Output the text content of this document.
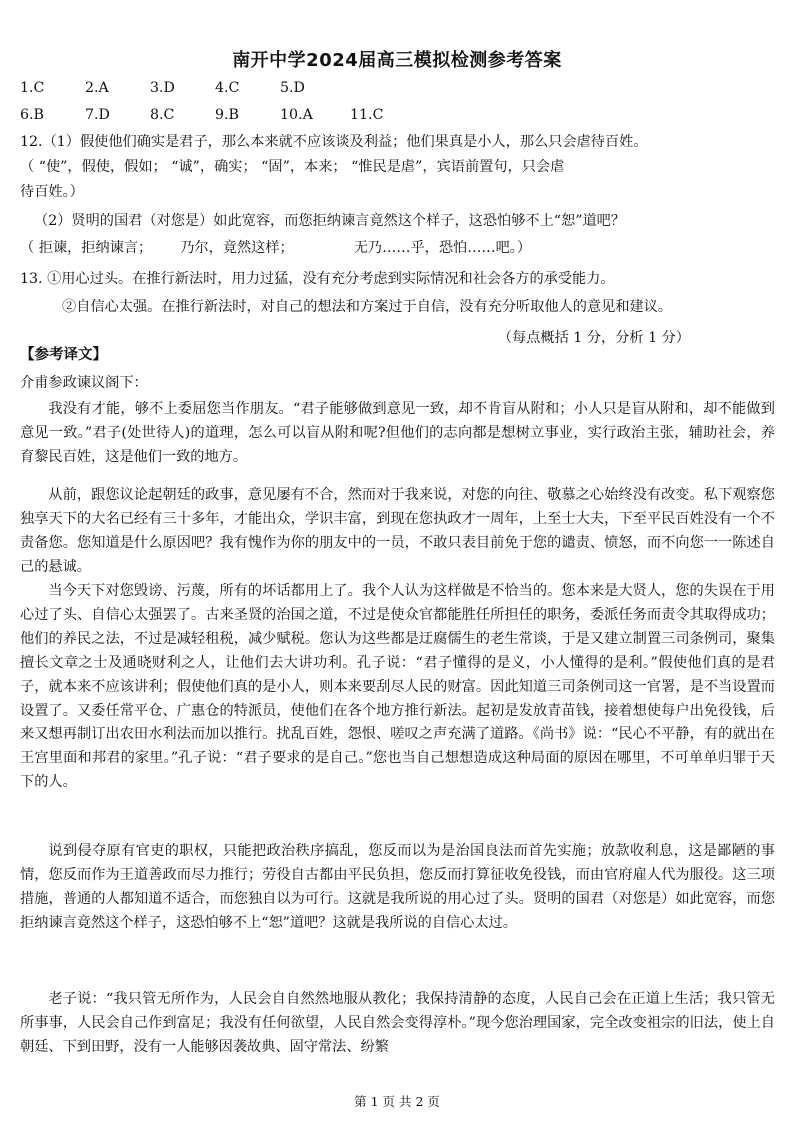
南开中学2024届高三模拟检测参考答案
1.C	2.A	3.D	4.C	5.D
6.B	7.D	8.C	9.B	10.A	11.C
12.（1）假使他们确实是君子，那么本来就不应该谈及利益；他们果真是小人，那么只会虐待百姓。
（ “使”，假使，假如； “诚”，确实； “固”，本来； “惟民是虐”，宾语前置句，只会虐
待百姓。）
（2）贤明的国君（对您是）如此宽容，而您拒纳谏言竟然这个样子，这恐怕够不上“恕”道吧？
（ 拒谏，拒纳谏言； 乃尔，竟然这样；	无乃……乎，恐怕……吧。）
13. ①用心过头。在推行新法时，用力过猛，没有充分考虑到实际情况和社会各方的承受能力。
②自信心太强。在推行新法时，对自己的想法和方案过于自信，没有充分听取他人的意见和建议。
（每点概括 1 分，分析 1 分）
【参考译文】
介甫参政谏议阁下：
我没有才能，够不上委屈您当作朋友。“君子能够做到意见一致，却不肯盲从附和；小人只是盲从附和，却不能做到意见一致。”君子(处世待人)的道理，怎么可以盲从附和呢?但他们的志向都是想树立事业，实行政治主张，辅助社会，养育黎民百姓，这是他们一致的地方。
从前，跟您议论起朝廷的政事，意见屡有不合，然而对于我来说，对您的向往、敬慕之心始终没有改变。私下观察您独享天下的大名已经有三十多年，才能出众，学识丰富，到现在您执政才一周年，上至士大夫，下至平民百姓没有一个不责备您。您知道是什么原因吧？我有愧作为你的朋友中的一员，不敢只表目前免于您的谴责、愤怒，而不向您一一陈述自己的悬诚。
当今天下对您毁谤、污蔑，所有的坏话都用上了。我个人认为这样做是不恰当的。您本来是大贤人，您的失误在于用心过了头、自信心太强罢了。古来圣贤的治国之道，不过是使众官都能胜任所担任的职务，委派任务而责令其取得成功；他们的养民之法，不过是减轻租税，减少赋税。您认为这些都是迂腐儒生的老生常谈，于是又建立制置三司条例司，聚集擅长文章之士及通晓财利之人，让他们去大讲功利。孔子说：“君子懂得的是义，小人懂得的是利。”假使他们真的是君子，就本来不应该讲利；假使他们真的是小人，则本来要刮尽人民的财富。因此知道三司条例司这一官署，是不当设置而设置了。又委任常平仓、广惠仓的特派员，使他们在各个地方推行新法。起初是发放青苗钱，接着想使每户出免役钱，后来又想再制订出农田水利法而加以推行。扰乱百姓，怨恨、嗟叹之声充满了道路。《尚书》说：“民心不平静，有的就出在王宫里面和邦君的家里。”孔子说：“君子要求的是自己。”您也当自己想想造成这种局面的原因在哪里，不可单单归罪于天下的人。
说到侵夺原有官吏的职权，只能把政治秩序搞乱，您反而以为是治国良法而首先实施；放款收利息，这是鄙陋的事情，您反而作为王道善政而尽力推行；劳役自古都由平民负担，您反而打算征收免役钱，而由官府雇人代为服役。这三项措施，普通的人都知道不适合，而您独自以为可行。这就是我所说的用心过了头。贤明的国君（对您是）如此宽容，而您拒纳谏言竟然这个样子，这恐怕够不上“恕”道吧？这就是我所说的自信心太过。
老子说：“我只管无所作为，人民会自自然然地服从教化；我保持清静的态度，人民自己会在正道上生活；我只管无所事事，人民会自己作到富足；我没有任何欲望，人民自然会变得淳朴。”现今您治理国家，完全改变祖宗的旧法，使上自朝廷、下到田野，没有一人能够因袭故典、固守常法、纷繁
第 1 页 共 2 页
